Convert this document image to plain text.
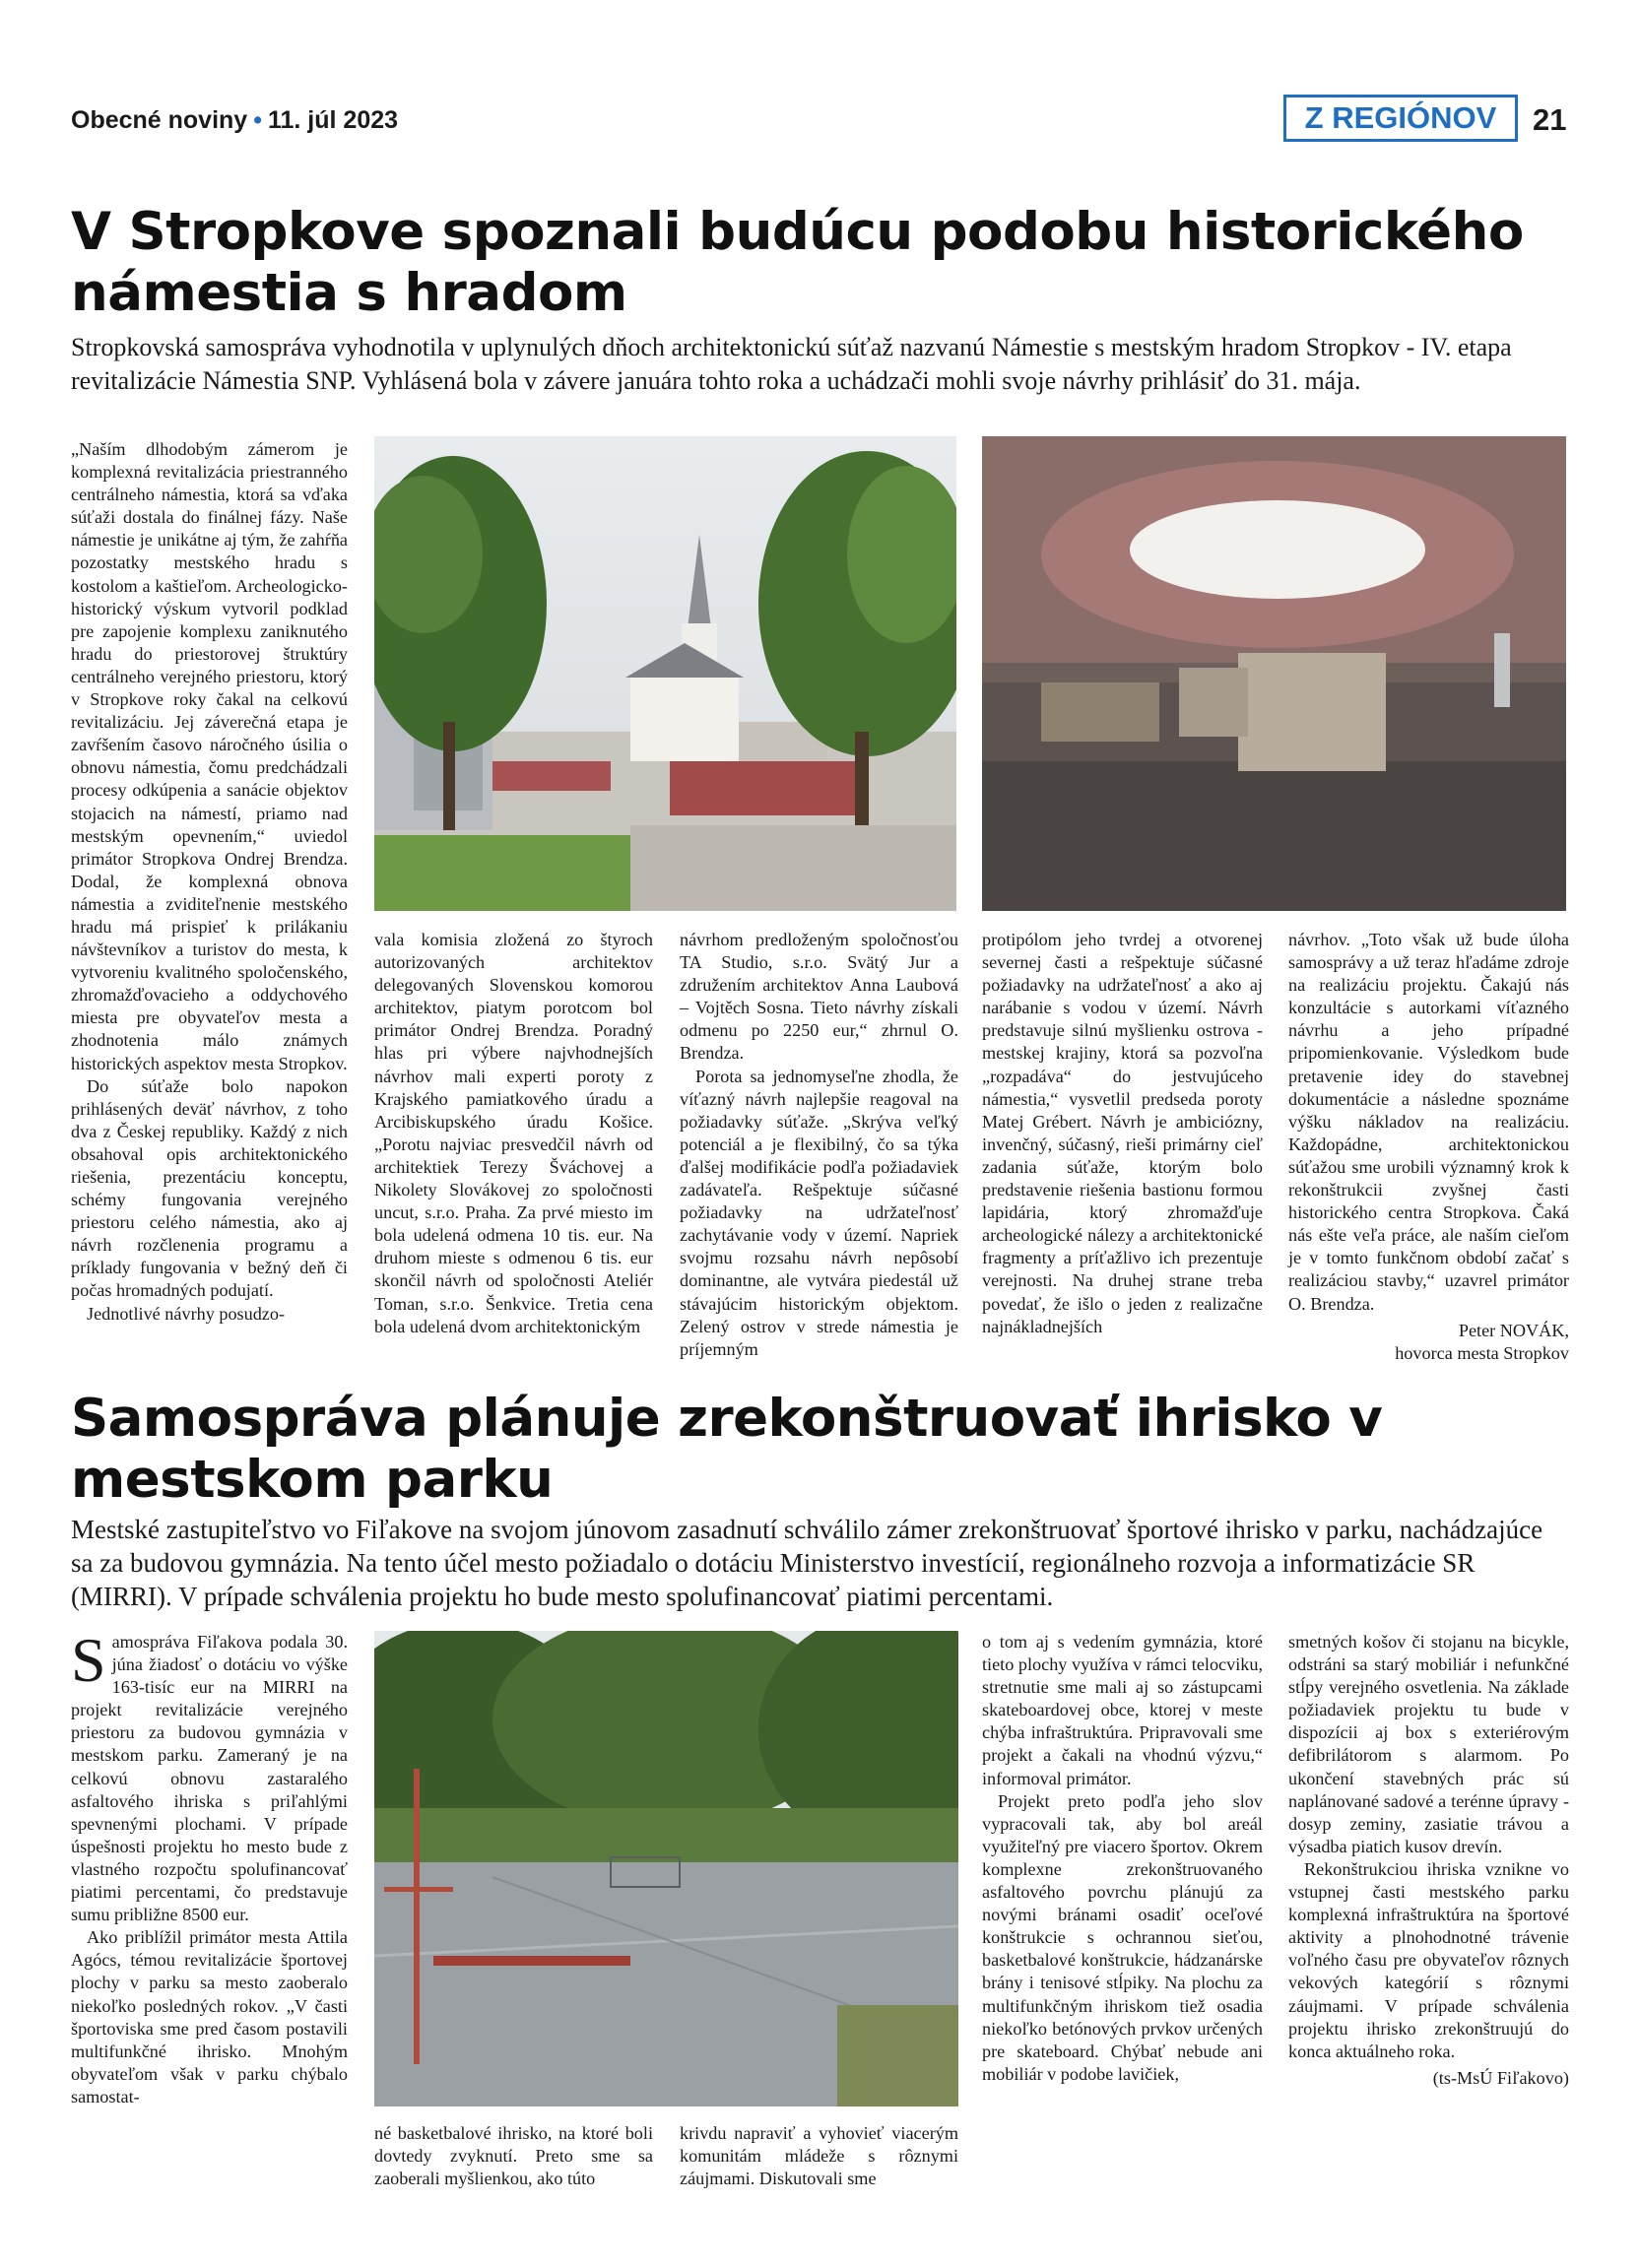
Obecné noviny • 11. júl 2023	Z REGIÓNOV	21
V Stropkove spoznali budúcu podobu historického námestia s hradom
Stropkovská samospráva vyhodnotila v uplynulých dňoch architektonickú súťaž nazvanú Námestie s mestským hradom Stropkov - IV. etapa revitalizácie Námestia SNP. Vyhlásená bola v závere januára tohto roka a uchádzači mohli svoje návrhy prihlásiť do 31. mája.

„Naším dlhodobým zámerom je komplexná revitalizácia priestranného centrálneho námestia, ktorá sa vďaka súťaži dostala do finálnej fázy. Naše námestie je unikátne aj tým, že zahŕňa pozostatky mestského hradu s kostolom a kaštieľom. Archeologicko-historický výskum vytvoril podklad pre zapojenie komplexu zaniknutého hradu do priestorovej štruktúry centrálneho verejného priestoru, ktorý v Stropkove roky čakal na celkovú revitalizáciu. Jej záverečná etapa je zavŕšením časovo náročného úsilia o obnovu námestia, čomu predchádzali procesy odkúpenia a sanácie objektov stojacich na námestí, priamo nad mestským opevnením,“ uviedol primátor Stropkova Ondrej Brendza. Dodal, že komplexná obnova námestia a zviditeľnenie mestského hradu má prispieť k prilákaniu návštevníkov a turistov do mesta, k vytvoreniu kvalitného spoločenského, zhromažďovacieho a oddychového miesta pre obyvateľov mesta a zhodnotenia málo známych historických aspektov mesta Stropkov.

Do súťaže bolo napokon prihlásených deväť návrhov, z toho dva z Českej republiky. Každý z nich obsahoval opis architektonického riešenia, prezentáciu konceptu, schémy fungovania verejného priestoru celého námestia, ako aj návrh rozčlenenia programu a príklady fungovania v bežný deň či počas hromadných podujatí.

Jednotlivé návrhy posudzo-

vala komisia zložená zo štyroch autorizovaných architektov delegovaných Slovenskou komorou architektov, piatym porotcom bol primátor Ondrej Brendza. Poradný hlas pri výbere najvhodnejších návrhov mali experti poroty z Krajského pamiatkového úradu a Arcibiskupského úradu Košice. „Porotu najviac presvedčil návrh od architektiek Terezy Šváchovej a Nikolety Slovákovej zo spoločnosti uncut, s.r.o. Praha. Za prvé miesto im bola udelená odmena 10 tis. eur. Na druhom mieste s odmenou 6 tis. eur skončil návrh od spoločnosti Ateliér Toman, s.r.o. Šenkvice. Tretia cena bola udelená dvom architektonickým

návrhom predloženým spoločnosťou TA Studio, s.r.o. Svätý Jur a združením architektov Anna Laubová – Vojtěch Sosna. Tieto návrhy získali odmenu po 2250 eur,“ zhrnul O. Brendza.

Porota sa jednomyseľne zhodla, že víťazný návrh najlepšie reagoval na požiadavky súťaže. „Skrýva veľký potenciál a je flexibilný, čo sa týka ďalšej modifikácie podľa požiadaviek zadávateľa. Rešpektuje súčasné požiadavky na udržateľnosť zachytávanie vody v území. Napriek svojmu rozsahu návrh nepôsobí dominantne, ale vytvára piedestál už stávajúcim historickým objektom. Zelený ostrov v strede námestia je príjemným

protipólom jeho tvrdej a otvorenej severnej časti a rešpektuje súčasné požiadavky na udržateľnosť a ako aj narábanie s vodou v území. Návrh predstavuje silnú myšlienku ostrova - mestskej krajiny, ktorá sa pozvoľna „rozpadáva“ do jestvujúceho námestia,“ vysvetlil predseda poroty Matej Grébert. Návrh je ambiciózny, invenčný, súčasný, rieši primárny cieľ zadania súťaže, ktorým bolo predstavenie riešenia bastionu formou lapidária, ktorý zhromažďuje archeologické nálezy a architektonické fragmenty a príťažlivo ich prezentuje verejnosti. Na druhej strane treba povedať, že išlo o jeden z realizačne najnákladnejších

návrhov. „Toto však už bude úloha samosprávy a už teraz hľadáme zdroje na realizáciu projektu. Čakajú nás konzultácie s autorkami víťazného návrhu a jeho prípadné pripomienkovanie. Výsledkom bude pretavenie idey do stavebnej dokumentácie a následne spoznáme výšku nákladov na realizáciu. Každopádne, architektonickou súťažou sme urobili významný krok k rekonštrukcii zvyšnej časti historického centra Stropkova. Čaká nás ešte veľa práce, ale naším cieľom je v tomto funkčnom období začať s realizáciou stavby,“ uzavrel primátor O. Brendza.

Peter NOVÁK,
hovorca mesta Stropkov
Samospráva plánuje zrekonštruovať ihrisko v mestskom parku
Mestské zastupiteľstvo vo Fiľakove na svojom júnovom zasadnutí schválilo zámer zrekonštruovať športové ihrisko v parku, nachádzajúce sa za budovou gymnázia. Na tento účel mesto požiadalo o dotáciu Ministerstvo investícií, regionálneho rozvoja a informatizácie SR (MIRRI). V prípade schválenia projektu ho bude mesto spolufinancovať piatimi percentami.

Samospráva Fiľakova podala 30. júna žiadosť o dotáciu vo výške 163-tisíc eur na MIRRI na projekt revitalizácie verejného priestoru za budovou gymnázia v mestskom parku. Zameraný je na celkovú obnovu zastaralého asfaltového ihriska s priľahlými spevnenými plochami. V prípade úspešnosti projektu ho mesto bude z vlastného rozpočtu spolufinancovať piatimi percentami, čo predstavuje sumu približne 8500 eur.

Ako priblížil primátor mesta Attila Agócs, témou revitalizácie športovej plochy v parku sa mesto zaoberalo niekoľko posledných rokov. „V časti športoviska sme pred časom postavili multifunkčné ihrisko. Mnohým obyvateľom však v parku chýbalo samostat-

né basketbalové ihrisko, na ktoré boli dovtedy zvyknutí. Preto sme sa zaoberali myšlienkou, ako túto

krivdu napraviť a vyhovieť viacerým komunitám mládeže s rôznymi záujmami. Diskutovali sme

o tom aj s vedením gymnázia, ktoré tieto plochy využíva v rámci telocviku, stretnutie sme mali aj so zástupcami skateboardovej obce, ktorej v meste chýba infraštruktúra. Pripravovali sme projekt a čakali na vhodnú výzvu,“ informoval primátor.

Projekt preto podľa jeho slov vypracovali tak, aby bol areál využiteľný pre viacero športov. Okrem komplexne zrekonštruovaného asfaltového povrchu plánujú za novými bránami osadiť oceľové konštrukcie s ochrannou sieťou, basketbalové konštrukcie, hádzanárske brány i tenisové stĺpiky. Na plochu za multifunkčným ihriskom tiež osadia niekoľko betónových prvkov určených pre skateboard. Chýbať nebude ani mobiliár v podobe lavičiek,

smetných košov či stojanu na bicykle, odstráni sa starý mobiliár i nefunkčné stĺpy verejného osvetlenia. Na základe požiadaviek projektu tu bude v dispozícii aj box s exteriérovým defibrilátorom s alarmom. Po ukončení stavebných prác sú naplánované sadové a terénne úpravy - dosyp zeminy, zasiatie trávou a výsadba piatich kusov drevín.

Rekonštrukciou ihriska vznikne vo vstupnej časti mestského parku komplexná infraštruktúra na športové aktivity a plnohodnotné trávenie voľného času pre obyvateľov rôznych vekových kategórií s rôznymi záujmami. V prípade schválenia projektu ihrisko zrekonštruujú do konca aktuálneho roka.

(ts-MsÚ Fiľakovo)
